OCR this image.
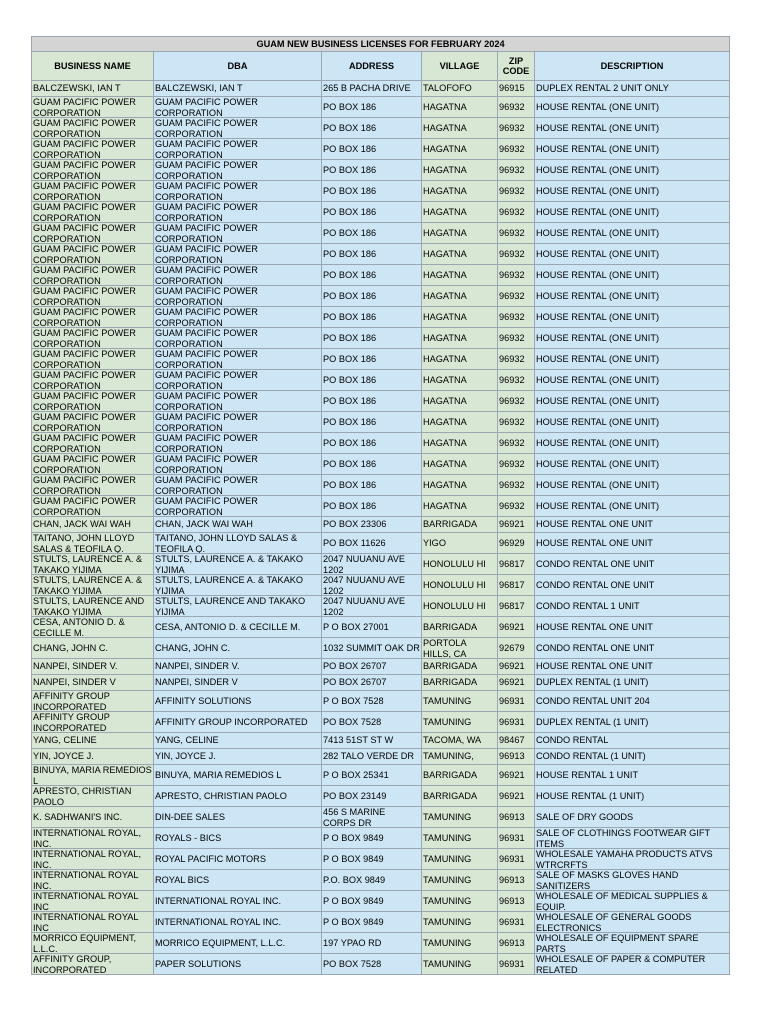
GUAM NEW BUSINESS LICENSES FOR FEBRUARY 2024					
BUSINESS NAME	DBA	ADDRESS	VILLAGE	ZIP CODE	DESCRIPTION

BALCZEWSKI, IAN T	BALCZEWSKI, IAN T	265 B PACHA DRIVE	TALOFOFO	96915	DUPLEX RENTAL 2 UNIT ONLY

GUAM PACIFIC POWER CORPORATION	GUAM PACIFIC POWER CORPORATION	PO BOX 186	HAGATNA	96932	HOUSE RENTAL (ONE UNIT)

GUAM PACIFIC POWER CORPORATION	GUAM PACIFIC POWER CORPORATION	PO BOX 186	HAGATNA	96932	HOUSE RENTAL (ONE UNIT)

GUAM PACIFIC POWER CORPORATION	GUAM PACIFIC POWER CORPORATION	PO BOX 186	HAGATNA	96932	HOUSE RENTAL (ONE UNIT)

GUAM PACIFIC POWER CORPORATION	GUAM PACIFIC POWER CORPORATION	PO BOX 186	HAGATNA	96932	HOUSE RENTAL (ONE UNIT)

GUAM PACIFIC POWER CORPORATION	GUAM PACIFIC POWER CORPORATION	PO BOX 186	HAGATNA	96932	HOUSE RENTAL (ONE UNIT)

GUAM PACIFIC POWER CORPORATION	GUAM PACIFIC POWER CORPORATION	PO BOX 186	HAGATNA	96932	HOUSE RENTAL (ONE UNIT)

GUAM PACIFIC POWER CORPORATION	GUAM PACIFIC POWER CORPORATION	PO BOX 186	HAGATNA	96932	HOUSE RENTAL (ONE UNIT)

GUAM PACIFIC POWER CORPORATION	GUAM PACIFIC POWER CORPORATION	PO BOX 186	HAGATNA	96932	HOUSE RENTAL (ONE UNIT)

GUAM PACIFIC POWER CORPORATION	GUAM PACIFIC POWER CORPORATION	PO BOX 186	HAGATNA	96932	HOUSE RENTAL (ONE UNIT)

GUAM PACIFIC POWER CORPORATION	GUAM PACIFIC POWER CORPORATION	PO BOX 186	HAGATNA	96932	HOUSE RENTAL (ONE UNIT)

GUAM PACIFIC POWER CORPORATION	GUAM PACIFIC POWER CORPORATION	PO BOX 186	HAGATNA	96932	HOUSE RENTAL (ONE UNIT)

GUAM PACIFIC POWER CORPORATION	GUAM PACIFIC POWER CORPORATION	PO BOX 186	HAGATNA	96932	HOUSE RENTAL (ONE UNIT)

GUAM PACIFIC POWER CORPORATION	GUAM PACIFIC POWER CORPORATION	PO BOX 186	HAGATNA	96932	HOUSE RENTAL (ONE UNIT)

GUAM PACIFIC POWER CORPORATION	GUAM PACIFIC POWER CORPORATION	PO BOX 186	HAGATNA	96932	HOUSE RENTAL (ONE UNIT)

GUAM PACIFIC POWER CORPORATION	GUAM PACIFIC POWER CORPORATION	PO BOX 186	HAGATNA	96932	HOUSE RENTAL (ONE UNIT)

GUAM PACIFIC POWER CORPORATION	GUAM PACIFIC POWER CORPORATION	PO BOX 186	HAGATNA	96932	HOUSE RENTAL (ONE UNIT)

GUAM PACIFIC POWER CORPORATION	GUAM PACIFIC POWER CORPORATION	PO BOX 186	HAGATNA	96932	HOUSE RENTAL (ONE UNIT)

GUAM PACIFIC POWER CORPORATION	GUAM PACIFIC POWER CORPORATION	PO BOX 186	HAGATNA	96932	HOUSE RENTAL (ONE UNIT)

GUAM PACIFIC POWER CORPORATION	GUAM PACIFIC POWER CORPORATION	PO BOX 186	HAGATNA	96932	HOUSE RENTAL (ONE UNIT)

GUAM PACIFIC POWER CORPORATION	GUAM PACIFIC POWER CORPORATION	PO BOX 186	HAGATNA	96932	HOUSE RENTAL (ONE UNIT)

CHAN, JACK WAI WAH	CHAN, JACK WAI WAH	PO BOX 23306	BARRIGADA	96921	HOUSE RENTAL ONE UNIT

TAITANO, JOHN LLOYD SALAS & TEOFILA Q.	TAITANO, JOHN LLOYD SALAS & TEOFILA Q.	PO BOX 11626	YIGO	96929	HOUSE RENTAL ONE UNIT

STULTS, LAURENCE A. & TAKAKO YIJIMA	STULTS, LAURENCE A. & TAKAKO YIJIMA	2047 NUUANU AVE 1202	HONOLULU HI	96817	CONDO RENTAL ONE UNIT

STULTS, LAURENCE A. & TAKAKO YIJIMA	STULTS, LAURENCE A. & TAKAKO YIJIMA	2047 NUUANU AVE 1202	HONOLULU HI	96817	CONDO RENTAL ONE UNIT

STULTS, LAURENCE AND TAKAKO YIJIMA	STULTS, LAURENCE AND TAKAKO YIJIMA	2047 NUUANU AVE 1202	HONOLULU HI	96817	CONDO RENTAL 1 UNIT

CESA, ANTONIO D. & CECILLE M.	CESA, ANTONIO D. & CECILLE M.	P O BOX 27001	BARRIGADA	96921	HOUSE RENTAL ONE UNIT

CHANG, JOHN C.	CHANG, JOHN C.	1032 SUMMIT OAK DR	PORTOLA HILLS, CA	92679	CONDO RENTAL ONE UNIT

NANPEI, SINDER V.	NANPEI, SINDER V.	PO BOX 26707	BARRIGADA	96921	HOUSE RENTAL ONE UNIT

NANPEI, SINDER V	NANPEI, SINDER V	PO BOX 26707	BARRIGADA	96921	DUPLEX RENTAL (1 UNIT)

AFFINITY GROUP INCORPORATED	AFFINITY SOLUTIONS	P O BOX 7528	TAMUNING	96931	CONDO RENTAL UNIT 204

AFFINITY GROUP INCORPORATED	AFFINITY GROUP INCORPORATED	PO BOX 7528	TAMUNING	96931	DUPLEX RENTAL (1 UNIT)

YANG, CELINE	YANG, CELINE	7413 51ST ST W	TACOMA, WA	98467	CONDO RENTAL

YIN, JOYCE J.	YIN, JOYCE J.	282 TALO VERDE DR	TAMUNING,	96913	CONDO RENTAL (1 UNIT)

BINUYA, MARIA REMEDIOS L	BINUYA, MARIA REMEDIOS L	P O BOX 25341	BARRIGADA	96921	HOUSE RENTAL 1 UNIT

APRESTO, CHRISTIAN PAOLO	APRESTO, CHRISTIAN PAOLO	PO BOX 23149	BARRIGADA	96921	HOUSE RENTAL (1 UNIT)

K. SADHWANI'S INC.	DIN-DEE SALES	456 S MARINE CORPS DR	TAMUNING	96913	SALE OF DRY GOODS

INTERNATIONAL ROYAL, INC.	ROYALS - BICS	P O BOX 9849	TAMUNING	96931	SALE OF CLOTHINGS FOOTWEAR GIFT ITEMS

INTERNATIONAL ROYAL, INC.	ROYAL PACIFIC MOTORS	P O BOX 9849	TAMUNING	96931	WHOLESALE YAMAHA PRODUCTS ATVS WTRCRFTS

INTERNATIONAL ROYAL INC.	ROYAL BICS	P.O. BOX 9849	TAMUNING	96913	SALE OF MASKS GLOVES HAND SANITIZERS

INTERNATIONAL ROYAL INC	INTERNATIONAL ROYAL INC.	P O BOX 9849	TAMUNING	96913	WHOLESALE OF MEDICAL SUPPLIES & EQUIP.

INTERNATIONAL ROYAL INC	INTERNATIONAL ROYAL INC.	P O BOX 9849	TAMUNING	96931	WHOLESALE OF GENERAL GOODS ELECTRONICS

MORRICO EQUIPMENT, L.L.C.	MORRICO EQUIPMENT, L.L.C.	197 YPAO RD	TAMUNING	96913	WHOLESALE OF EQUIPMENT SPARE PARTS

AFFINITY GROUP, INCORPORATED	PAPER SOLUTIONS	PO BOX 7528	TAMUNING	96931	WHOLESALE OF PAPER & COMPUTER RELATED
